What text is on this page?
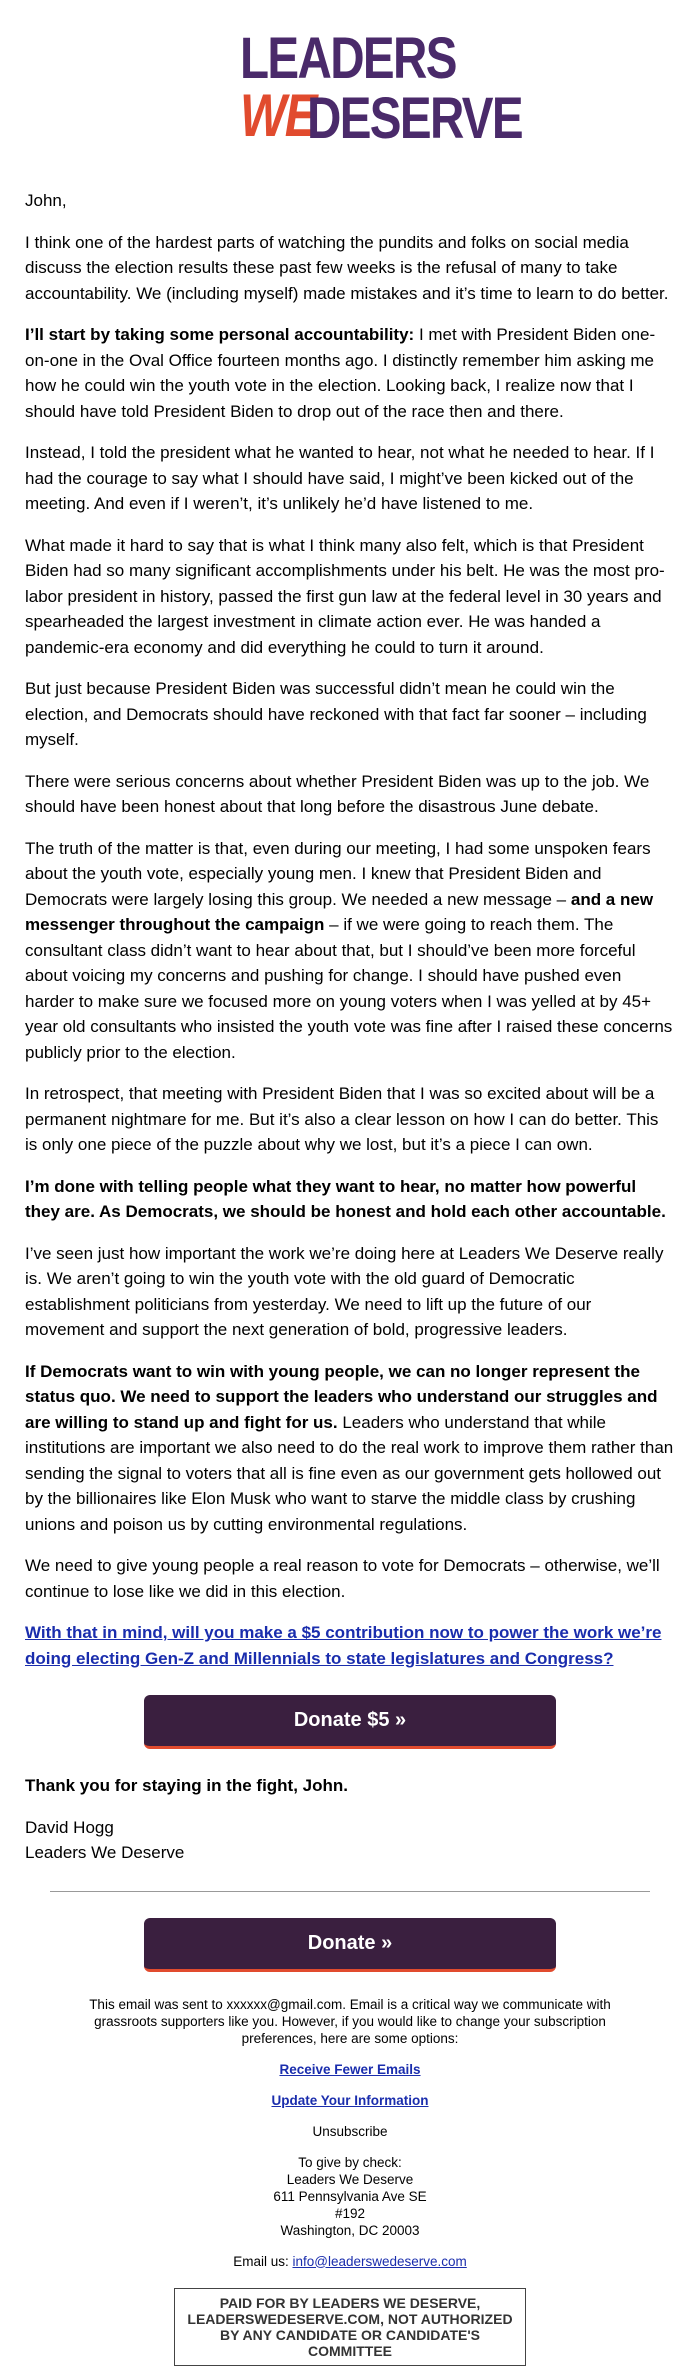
LEADERS
WE
DESERVE

John,

I think one of the hardest parts of watching the pundits and folks on social media discuss the election results these past few weeks is the refusal of many to take accountability. We (including myself) made mistakes and it’s time to learn to do better.

I’ll start by taking some personal accountability: I met with President Biden one-on-one in the Oval Office fourteen months ago. I distinctly remember him asking me how he could win the youth vote in the election. Looking back, I realize now that I should have told President Biden to drop out of the race then and there.

Instead, I told the president what he wanted to hear, not what he needed to hear. If I had the courage to say what I should have said, I might’ve been kicked out of the meeting. And even if I weren’t, it’s unlikely he’d have listened to me.

What made it hard to say that is what I think many also felt, which is that President Biden had so many significant accomplishments under his belt. He was the most pro-labor president in history, passed the first gun law at the federal level in 30 years and spearheaded the largest investment in climate action ever. He was handed a pandemic-era economy and did everything he could to turn it around.

But just because President Biden was successful didn’t mean he could win the election, and Democrats should have reckoned with that fact far sooner – including myself.

There were serious concerns about whether President Biden was up to the job. We should have been honest about that long before the disastrous June debate.

The truth of the matter is that, even during our meeting, I had some unspoken fears about the youth vote, especially young men. I knew that President Biden and Democrats were largely losing this group. We needed a new message – and a new messenger throughout the campaign – if we were going to reach them. The consultant class didn’t want to hear about that, but I should’ve been more forceful about voicing my concerns and pushing for change. I should have pushed even harder to make sure we focused more on young voters when I was yelled at by 45+ year old consultants who insisted the youth vote was fine after I raised these concerns publicly prior to the election.

In retrospect, that meeting with President Biden that I was so excited about will be a permanent nightmare for me. But it’s also a clear lesson on how I can do better. This is only one piece of the puzzle about why we lost, but it’s a piece I can own.

I’m done with telling people what they want to hear, no matter how powerful they are. As Democrats, we should be honest and hold each other accountable.

I’ve seen just how important the work we’re doing here at Leaders We Deserve really is. We aren’t going to win the youth vote with the old guard of Democratic establishment politicians from yesterday. We need to lift up the future of our movement and support the next generation of bold, progressive leaders.

If Democrats want to win with young people, we can no longer represent the status quo. We need to support the leaders who understand our struggles and are willing to stand up and fight for us. Leaders who understand that while institutions are important we also need to do the real work to improve them rather than sending the signal to voters that all is fine even as our government gets hollowed out by the billionaires like Elon Musk who want to starve the middle class by crushing unions and poison us by cutting environmental regulations.

We need to give young people a real reason to vote for Democrats – otherwise, we’ll continue to lose like we did in this election.

With that in mind, will you make a $5 contribution now to power the work we’re doing electing Gen-Z and Millennials to state legislatures and Congress?

Donate $5 »

Thank you for staying in the fight, John.

David Hogg
Leaders We Deserve
Donate »

This email was sent to xxxxxx@gmail.com. Email is a critical way we communicate with grassroots supporters like you. However, if you would like to change your subscription preferences, here are some options:

Receive Fewer Emails

Update Your Information

Unsubscribe

To give by check:
Leaders We Deserve
611 Pennsylvania Ave SE
#192
Washington, DC 20003

Email us: info@leaderswedeserve.com

PAID FOR BY LEADERS WE DESERVE, LEADERSWEDESERVE.COM, NOT AUTHORIZED BY ANY CANDIDATE OR CANDIDATE'S COMMITTEE
